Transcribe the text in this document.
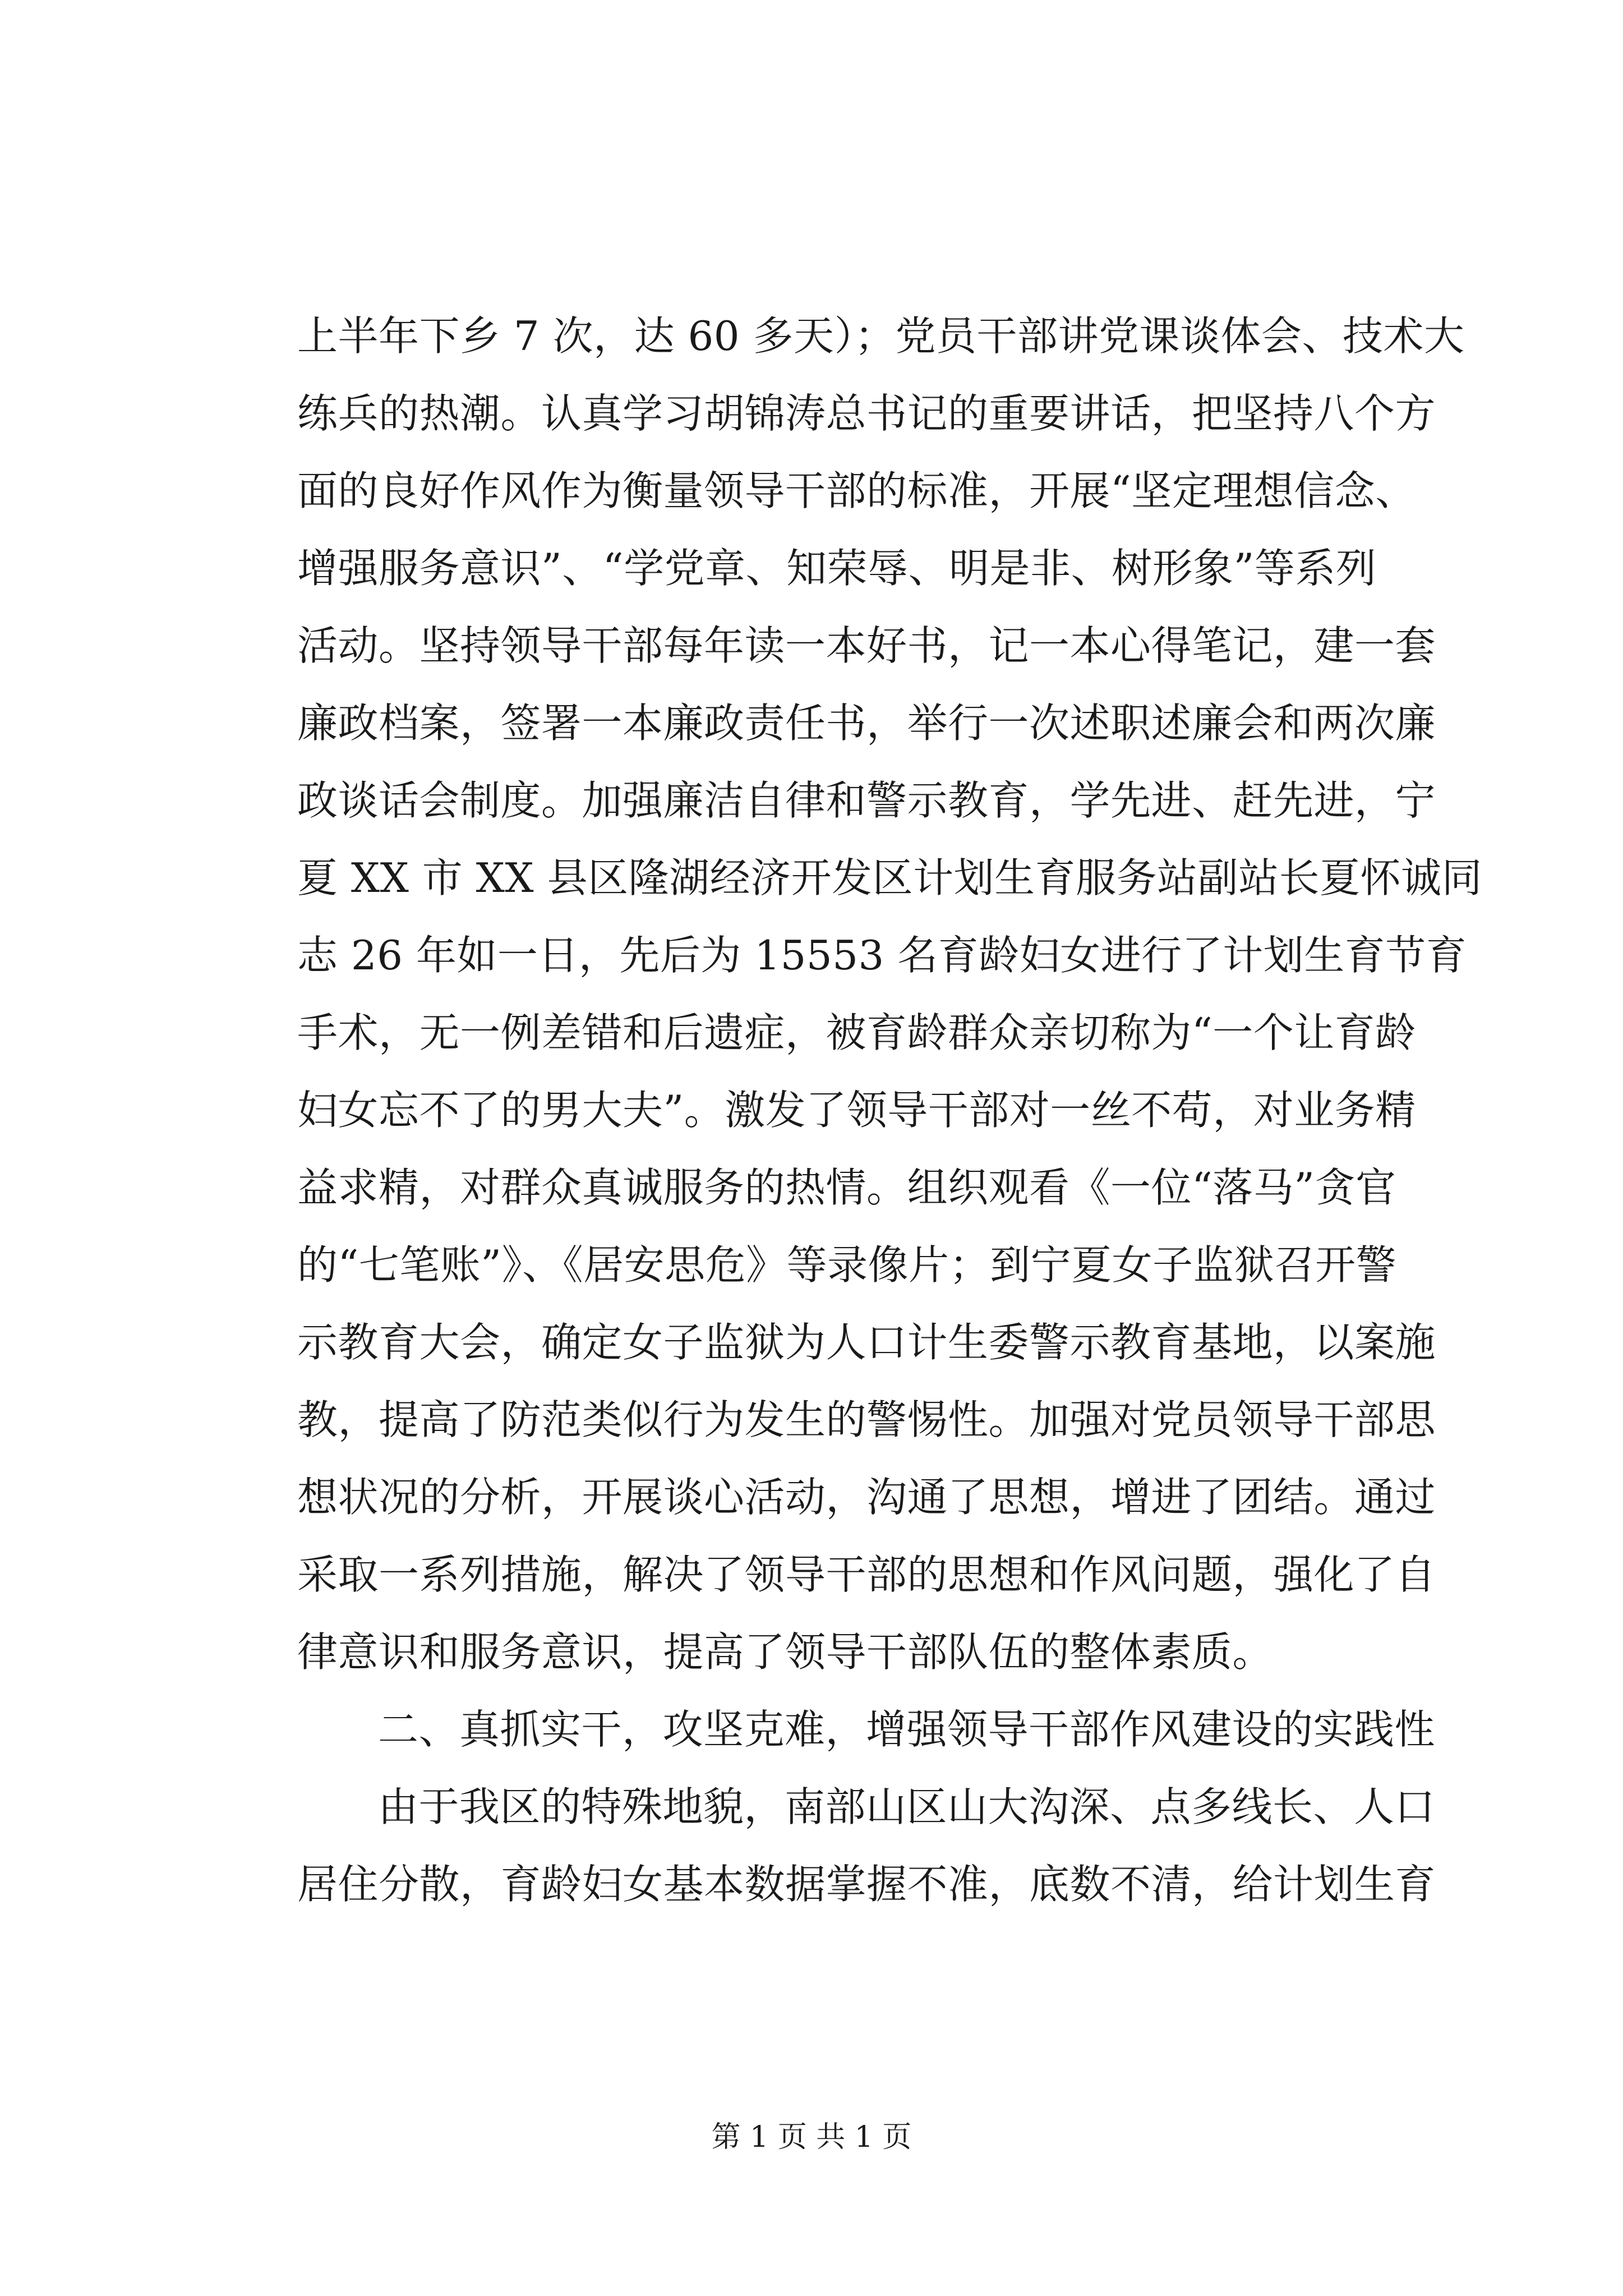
上半年下乡 7 次，达 60 多天）；党员干部讲党课谈体会、技术大
练兵的热潮。认真学习胡锦涛总书记的重要讲话，把坚持八个方
面的良好作风作为衡量领导干部的标准，开展“坚定理想信念、
增强服务意识”、“学党章、知荣辱、明是非、树形象”等系列
活动。坚持领导干部每年读一本好书，记一本心得笔记，建一套
廉政档案，签署一本廉政责任书，举行一次述职述廉会和两次廉
政谈话会制度。加强廉洁自律和警示教育，学先进、赶先进，宁
夏 XX 市 XX 县区隆湖经济开发区计划生育服务站副站长夏怀诚同
志 26 年如一日，先后为 15553 名育龄妇女进行了计划生育节育
手术，无一例差错和后遗症，被育龄群众亲切称为“一个让育龄
妇女忘不了的男大夫”。激发了领导干部对一丝不苟，对业务精
益求精，对群众真诚服务的热情。组织观看《一位“落马”贪官
的“七笔账”》、《居安思危》等录像片；到宁夏女子监狱召开警
示教育大会，确定女子监狱为人口计生委警示教育基地，以案施
教，提高了防范类似行为发生的警惕性。加强对党员领导干部思
想状况的分析，开展谈心活动，沟通了思想，增进了团结。通过
采取一系列措施，解决了领导干部的思想和作风问题，强化了自
律意识和服务意识，提高了领导干部队伍的整体素质。
二、真抓实干，攻坚克难，增强领导干部作风建设的实践性
由于我区的特殊地貌，南部山区山大沟深、点多线长、人口
居住分散，育龄妇女基本数据掌握不准，底数不清，给计划生育
第 1 页 共 1 页
